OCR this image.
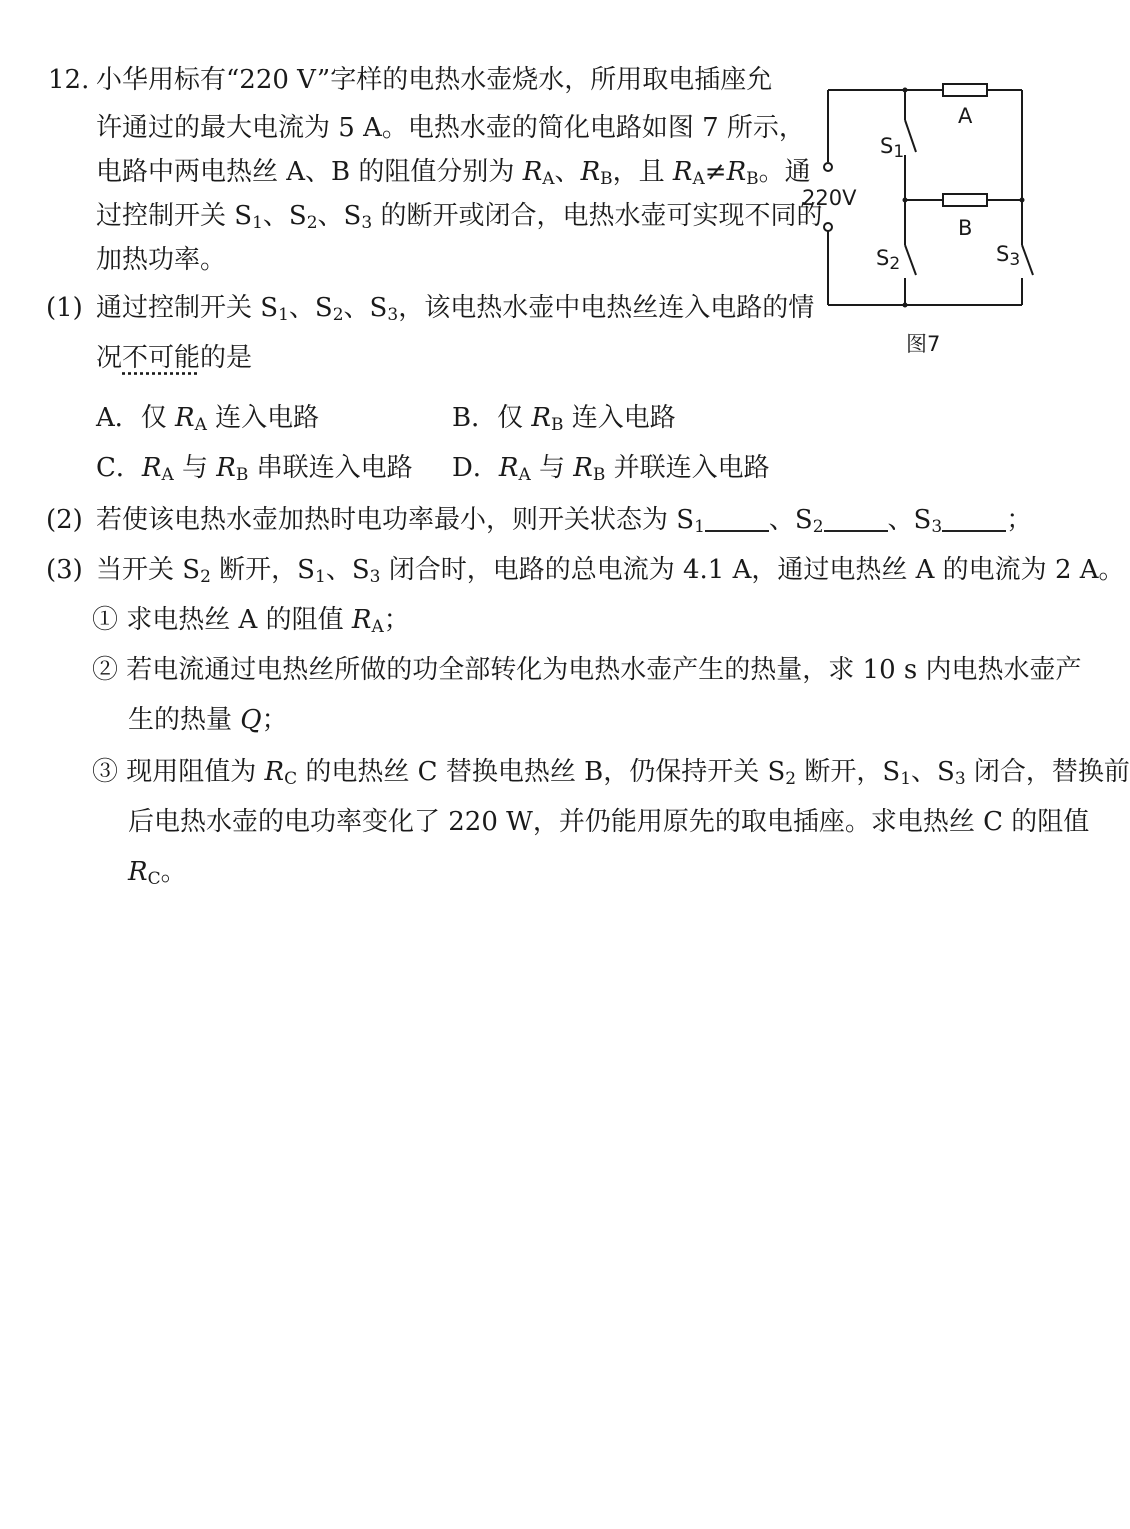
12. 小华用标有“220 V”字样的电热水壶烧水，所用取电插座允
许通过的最大电流为 5 A。电热水壶的简化电路如图 7 所示，
电路中两电热丝 A、B 的阻值分别为 $R_A$、$R_B$，且 $R_A\ne R_B$。通
过控制开关 $S_1$、$S_2$、$S_3$ 的断开或闭合，电热水壶可实现不同的
加热功率。
(1) 通过控制开关 $S_1$、$S_2$、$S_3$，该电热水壶中电热丝连入电路的情
况不可能的是
A．仅 $R_A$ 连入电路	B．仅 $R_B$ 连入电路
C．$R_A$ 与 $R_B$ 串联连入电路 D．$R_A$ 与 $R_B$ 并联连入电路
(2) 若使该电热水壶加热时电功率最小，则开关状态为 $S_1$ 、$S_2$ 、$S_3$ ；
(3) 当开关 $S_2$ 断开，$S_1$、$S_3$ 闭合时，电路的总电流为 4.1 A，通过电热丝 A 的电流为 2 A。
① 求电热丝 A 的阻值 $R_A$；
② 若电流通过电热丝所做的功全部转化为电热水壶产生的热量，求 10 s 内电热水壶产
生的热量 Q；
③ 现用阻值为 $R_C$ 的电热丝 C 替换电热丝 B，仍保持开关 $S_2$ 断开，$S_1$、$S_3$ 闭合，替换前
后电热水壶的电功率变化了 220 W，并仍能用原先的取电插座。求电热丝 C 的阻值
$R_C$。
A
B
$S_1$
$S_2$	$S_3$
220V
图7
